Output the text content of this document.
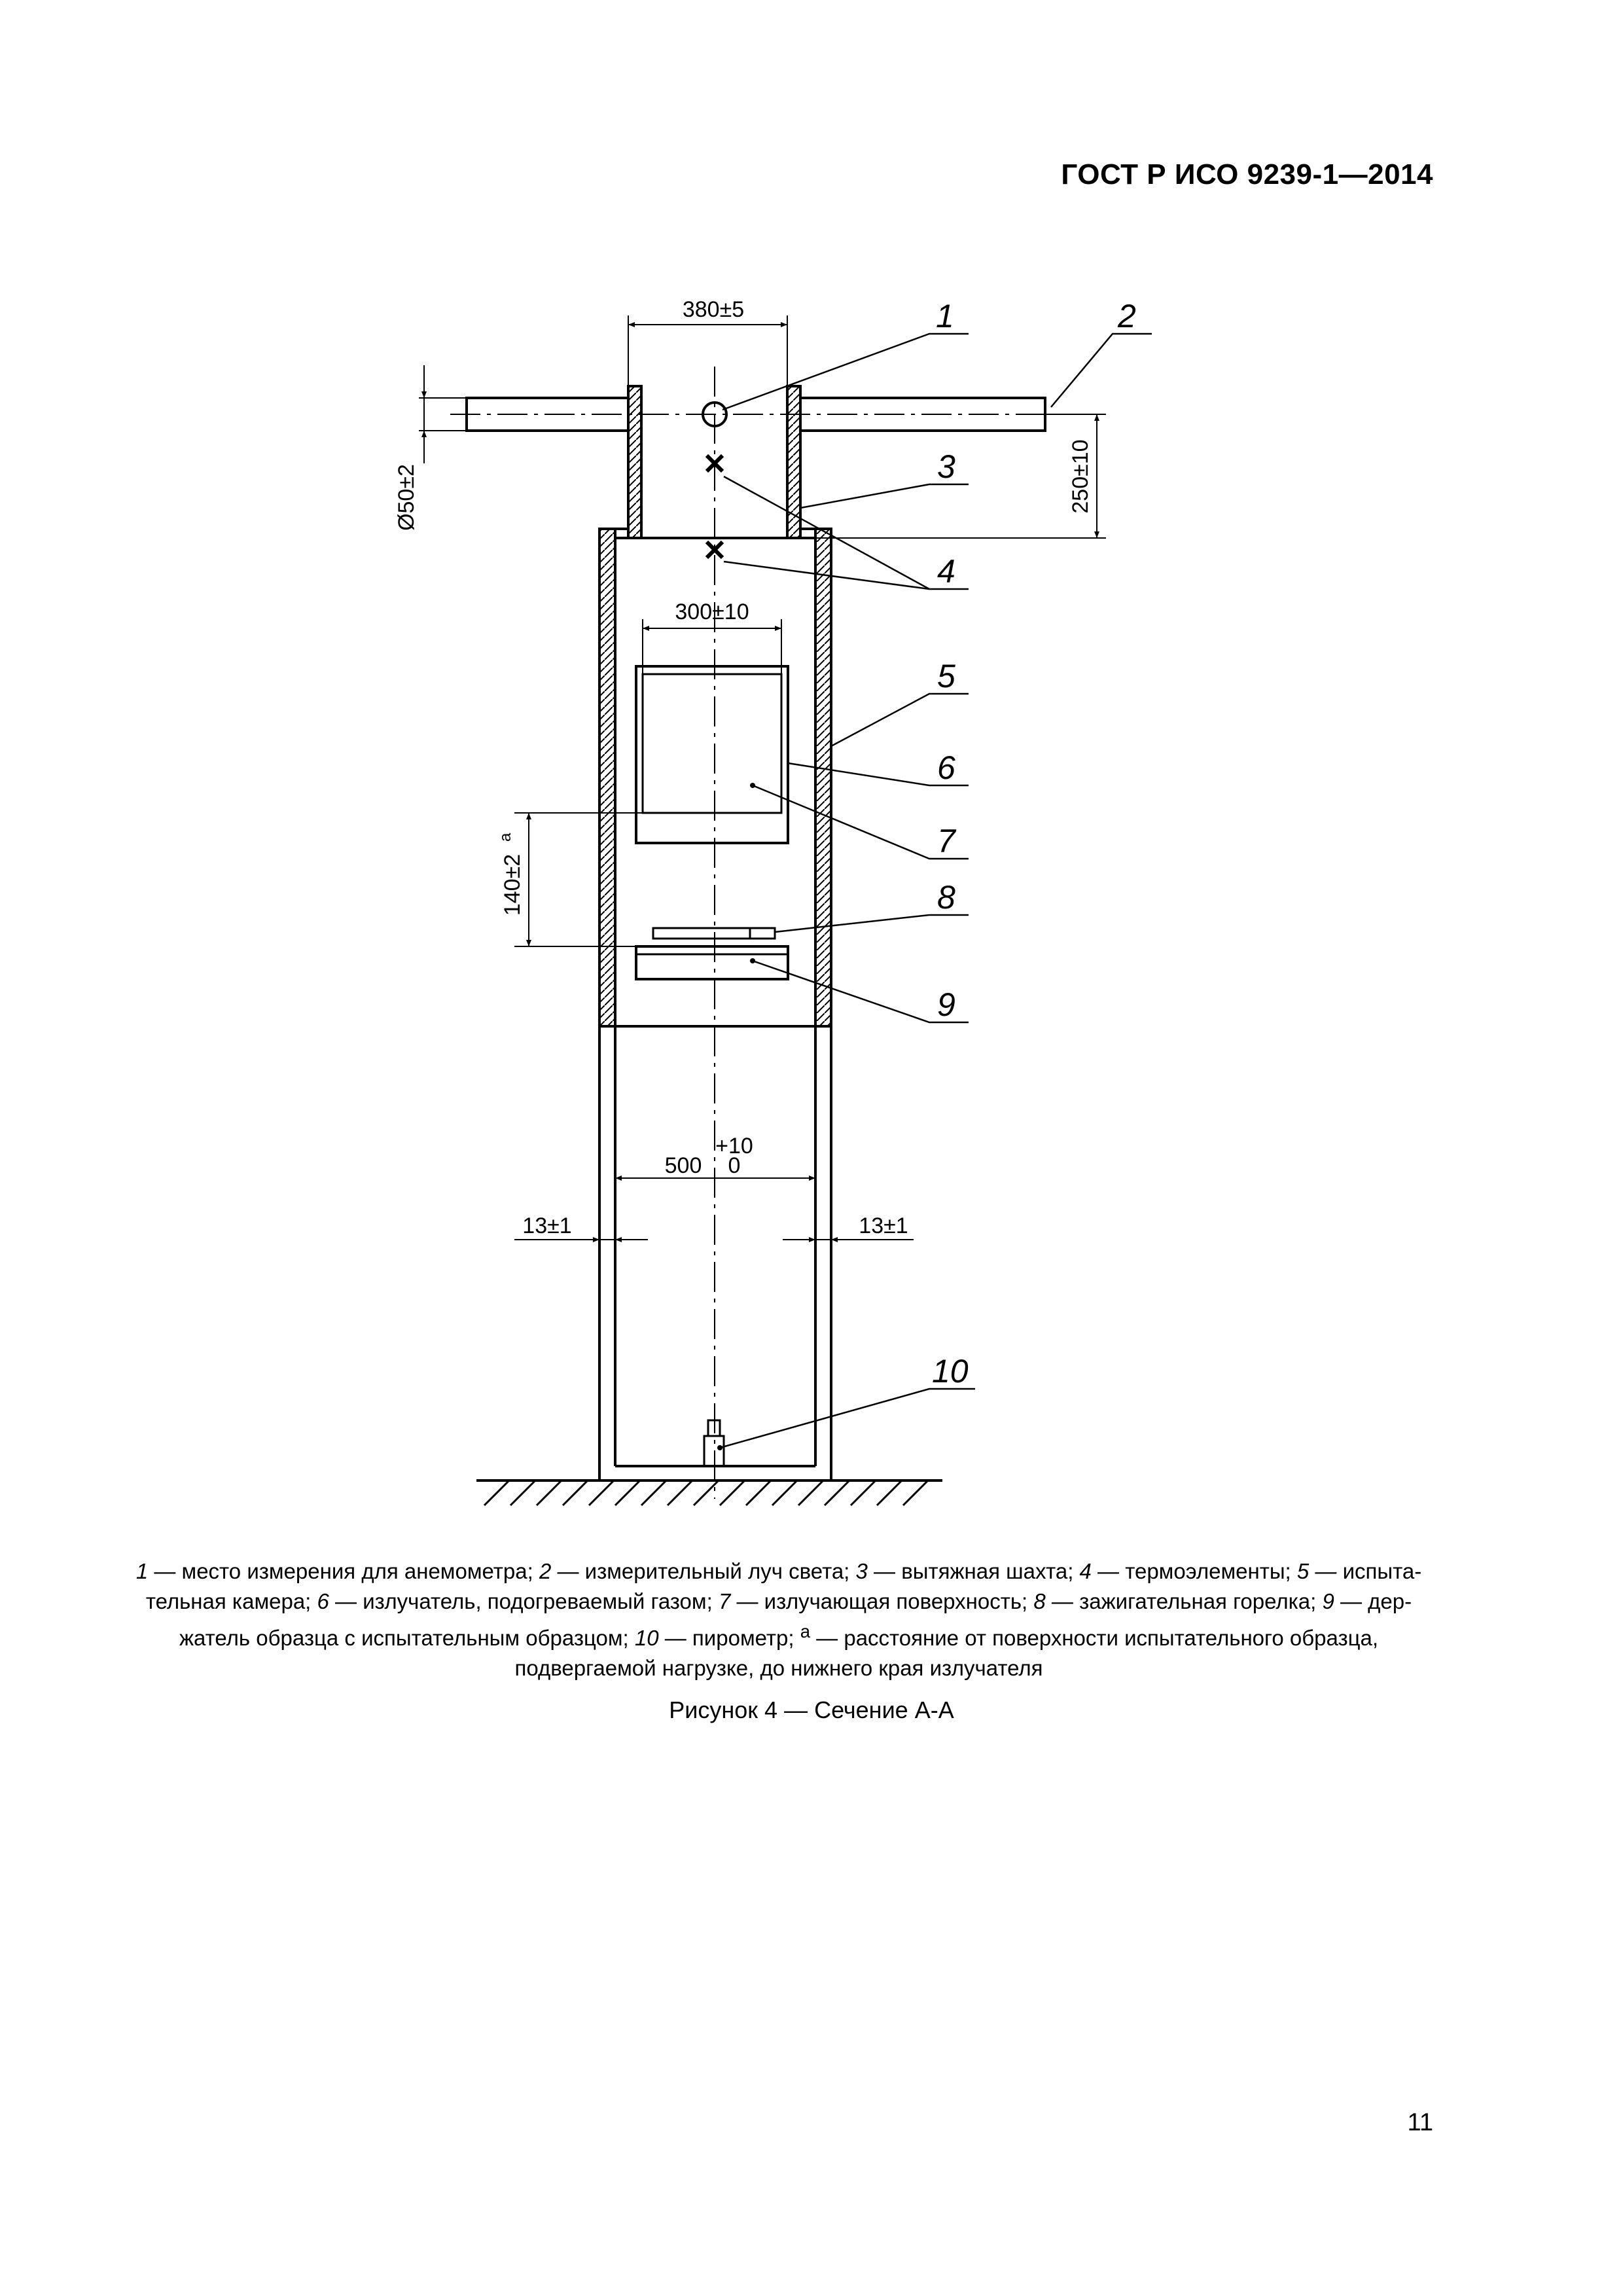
ГОСТ Р ИСО 9239-1—2014
380±5
Ø50±2	250±10
300±10
140±2
a
500
+10
0
13±1	13±1
1	2
3
4
5
6
7
8
9
10
1 — место измерения для анемометра; 2 — измерительный луч света; 3 — вытяжная шахта; 4 — термоэлементы; 5 — испыта-
тельная камера; 6 — излучатель, подогреваемый газом; 7 — излучающая поверхность; 8 — зажигательная горелка; 9 — дер-
жатель образца с испытательным образцом; 10 — пирометр; $^а$ — расстояние от поверхности испытательного образца,
подвергаемой нагрузке, до нижнего края излучателя
Рисунок 4 — Сечение А-А
11
